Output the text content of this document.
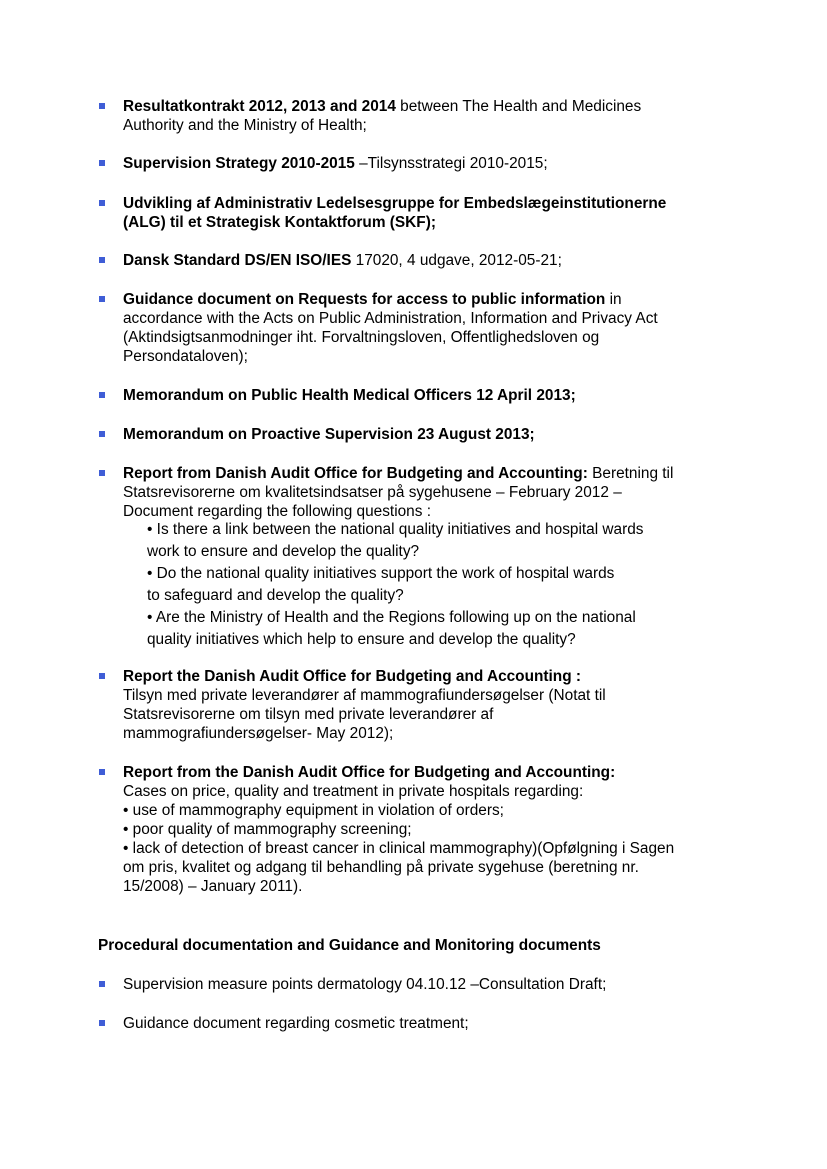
Resultatkontrakt 2012, 2013 and 2014 between The Health and Medicines
Authority and the Ministry of Health;
Supervision Strategy 2010-2015 –Tilsynsstrategi 2010-2015;
Udvikling af Administrativ Ledelsesgruppe for Embedslægeinstitutionerne
(ALG) til et Strategisk Kontaktforum (SKF);
Dansk Standard DS/EN ISO/IES 17020, 4 udgave, 2012-05-21;
Guidance document on Requests for access to public information in
accordance with the Acts on Public Administration, Information and Privacy Act
(Aktindsigtsanmodninger iht. Forvaltningsloven, Offentlighedsloven og
Persondataloven);
Memorandum on Public Health Medical Officers 12 April 2013;
Memorandum on Proactive Supervision 23 August 2013;
Report from Danish Audit Office for Budgeting and Accounting: Beretning til
Statsrevisorerne om kvalitetsindsatser på sygehusene – February 2012 –
Document regarding the following questions :
• Is there a link between the national quality initiatives and hospital wards
work to ensure and develop the quality?
• Do the national quality initiatives support the work of hospital wards
to safeguard and develop the quality?
• Are the Ministry of Health and the Regions following up on the national
quality initiatives which help to ensure and develop the quality?
Report the Danish Audit Office for Budgeting and Accounting :
Tilsyn med private leverandører af mammografiundersøgelser (Notat til
Statsrevisorerne om tilsyn med private leverandører af
mammografiundersøgelser- May 2012);
Report from the Danish Audit Office for Budgeting and Accounting:
Cases on price, quality and treatment in private hospitals regarding:
• use of mammography equipment in violation of orders;
• poor quality of mammography screening;
• lack of detection of breast cancer in clinical mammography)(Opfølgning i Sagen
om pris, kvalitet og adgang til behandling på private sygehuse (beretning nr.
15/2008) – January 2011).
Procedural documentation and Guidance and Monitoring documents
Supervision measure points dermatology 04.10.12 –Consultation Draft;
Guidance document regarding cosmetic treatment;
